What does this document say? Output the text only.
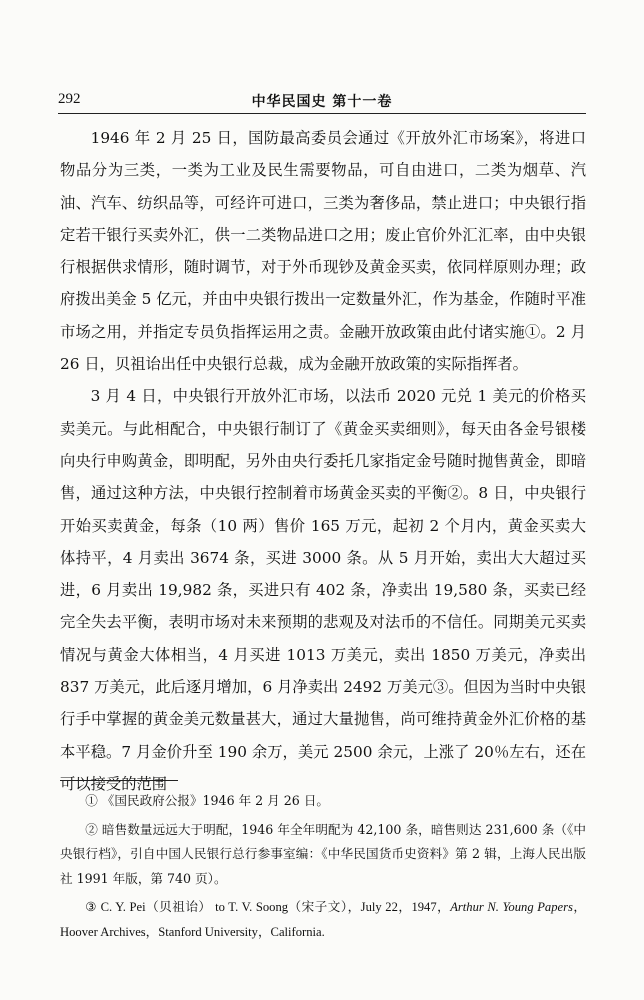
292	中华民国史 第十一卷

1946 年 2 月 25 日，国防最高委员会通过《开放外汇市场案》，将进口物品分为三类，一类为工业及民生需要物品，可自由进口，二类为烟草、汽油、汽车、纺织品等，可经许可进口，三类为奢侈品，禁止进口；中央银行指定若干银行买卖外汇，供一二类物品进口之用；废止官价外汇汇率，由中央银行根据供求情形，随时调节，对于外币现钞及黄金买卖，依同样原则办理；政府拨出美金 5 亿元，并由中央银行拨出一定数量外汇，作为基金，作随时平准市场之用，并指定专员负指挥运用之责。金融开放政策由此付诸实施①。2 月 26 日，贝祖诒出任中央银行总裁，成为金融开放政策的实际指挥者。

3 月 4 日，中央银行开放外汇市场，以法币 2020 元兑 1 美元的价格买卖美元。与此相配合，中央银行制订了《黄金买卖细则》，每天由各金号银楼向央行申购黄金，即明配，另外由央行委托几家指定金号随时抛售黄金，即暗售，通过这种方法，中央银行控制着市场黄金买卖的平衡②。8 日，中央银行开始买卖黄金，每条（10 两）售价 165 万元，起初 2 个月内，黄金买卖大体持平，4 月卖出 3674 条，买进 3000 条。从 5 月开始，卖出大大超过买进，6 月卖出 19,982 条，买进只有 402 条，净卖出 19,580 条，买卖已经完全失去平衡，表明市场对未来预期的悲观及对法币的不信任。同期美元买卖情况与黄金大体相当，4 月买进 1013 万美元，卖出 1850 万美元，净卖出 837 万美元，此后逐月增加，6 月净卖出 2492 万美元③。但因为当时中央银行手中掌握的黄金美元数量甚大，通过大量抛售，尚可维持黄金外汇价格的基本平稳。7 月金价升至 190 余万，美元 2500 余元，上涨了 20％左右，还在可以接受的范围

① 《国民政府公报》1946 年 2 月 26 日。

② 暗售数量远远大于明配，1946 年全年明配为 42,100 条，暗售则达 231,600 条（《中央银行档》，引自中国人民银行总行参事室编：《中华民国货币史资料》第 2 辑，上海人民出版社 1991 年版，第 740 页）。

③ C. Y. Pei（贝祖诒） to T. V. Soong（宋子文），July 22，1947，Arthur N. Young Papers，Hoover Archives，Stanford University，California.
